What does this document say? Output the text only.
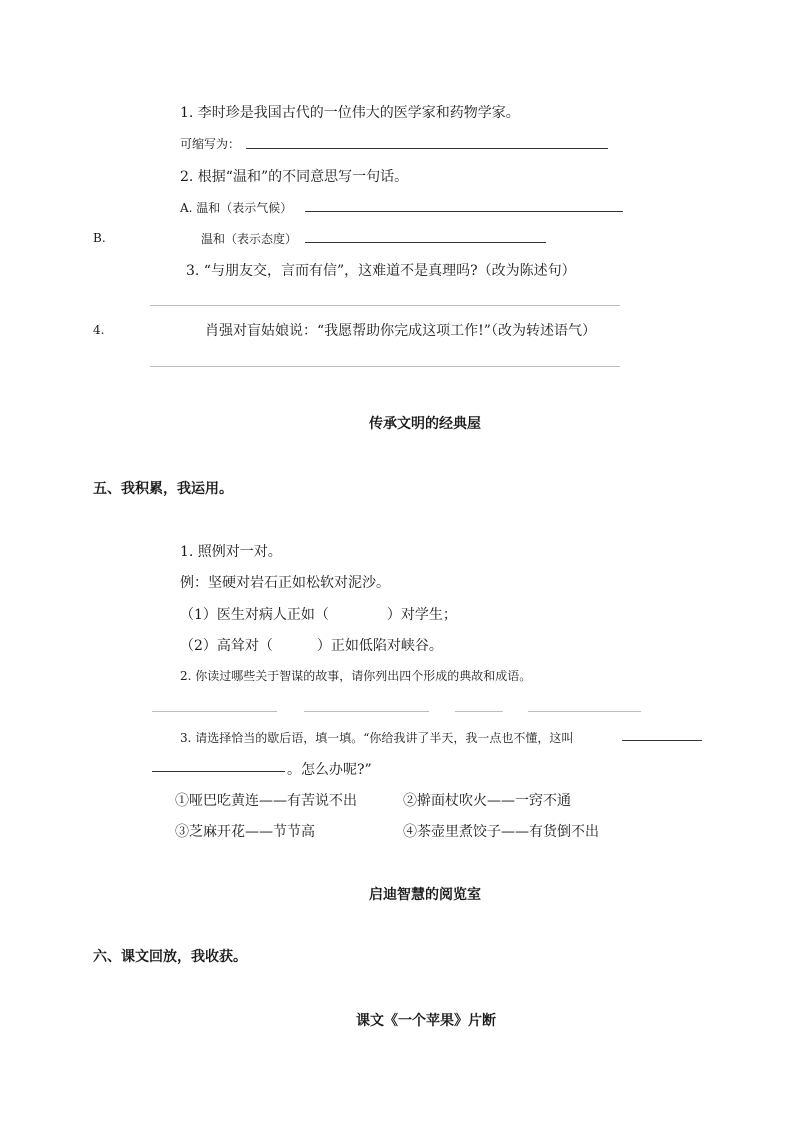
1. 李时珍是我国古代的一位伟大的医学家和药物学家。
可缩写为：
2. 根据“温和”的不同意思写一句话。
A. 温和（表示气候）
B.	温和（表示态度）
3. “与朋友交，言而有信”，这难道不是真理吗?（改为陈述句）
4.	肖强对盲姑娘说：“我愿帮助你完成这项工作!”（改为转述语气）
传承文明的经典屋
五、我积累，我运用。
1. 照例对一对。
例：坚硬对岩石正如松软对泥沙。
（1）医生对病人正如（	）对学生；
（2）高耸对（	）正如低陷对峡谷。
2. 你读过哪些关于智谋的故事，请你列出四个形成的典故和成语。
3. 请选择恰当的歇后语，填一填。“你给我讲了半天，我一点也不懂，这叫
。怎么办呢?”
①哑巴吃黄连——有苦说不出	②擀面杖吹火——一窍不通
③芝麻开花——节节高	④茶壶里煮饺子——有货倒不出
启迪智慧的阅览室
六、课文回放，我收获。
课文《一个苹果》片断
